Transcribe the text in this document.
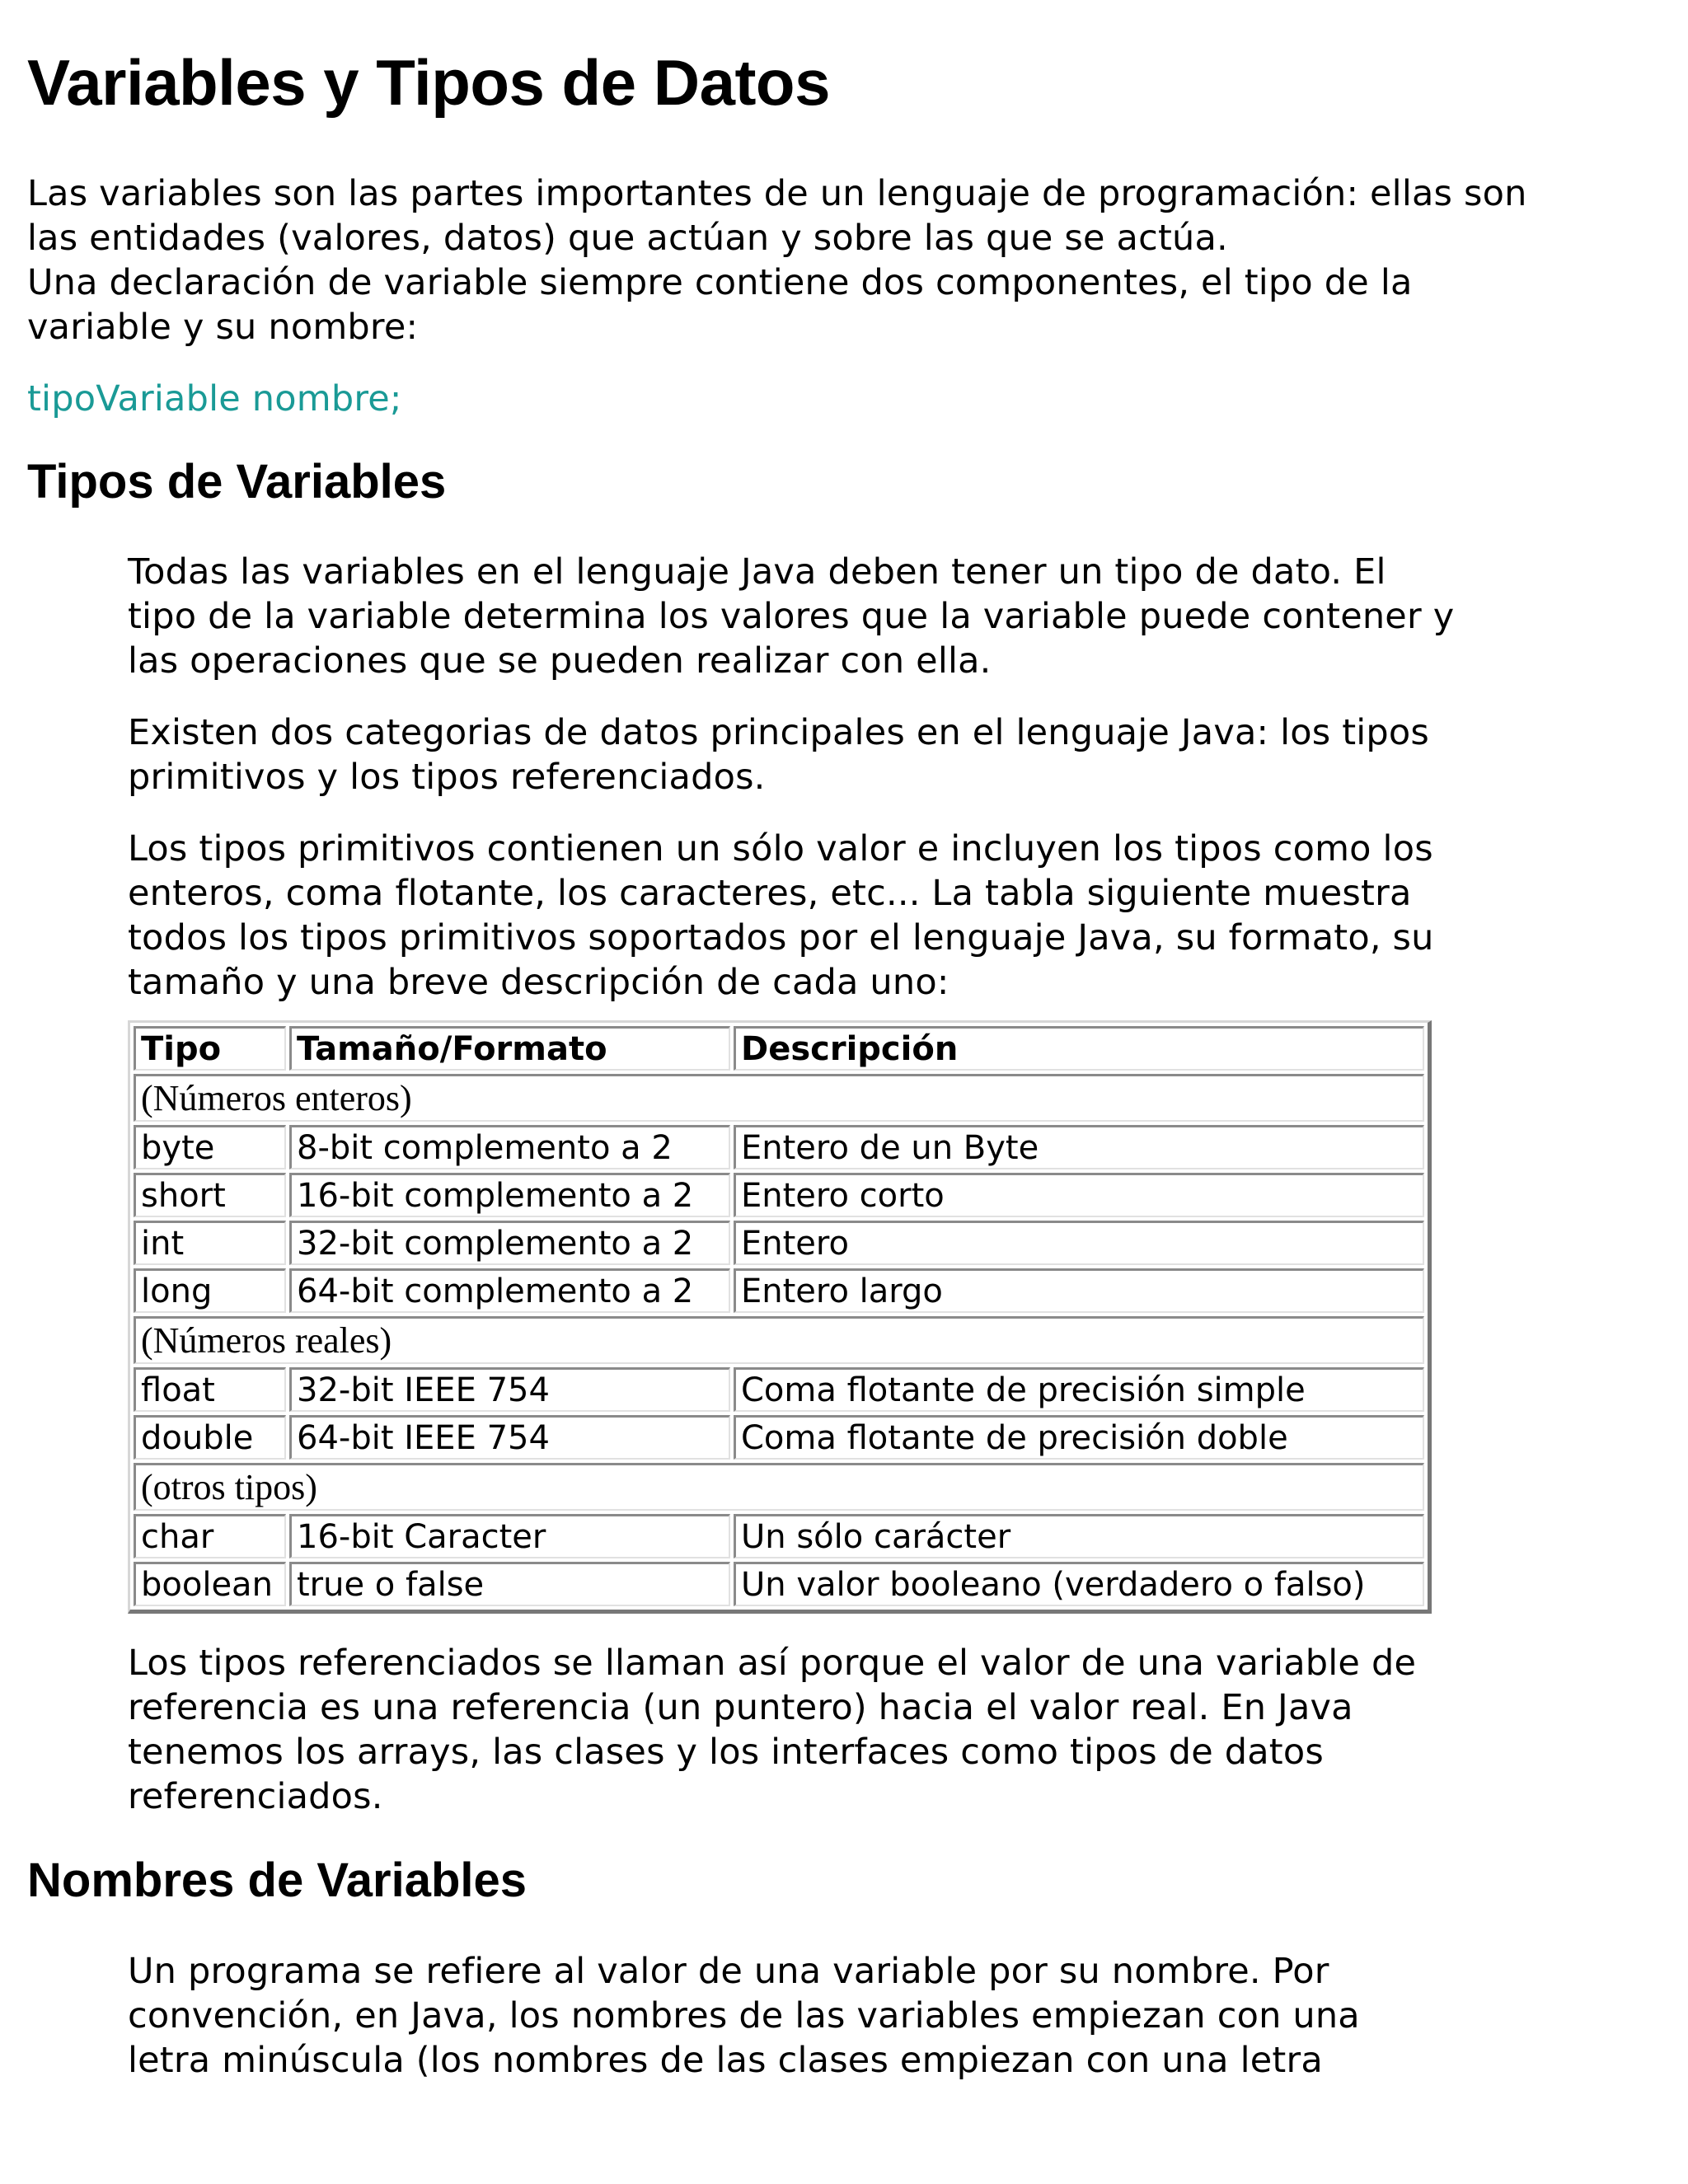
Variables y Tipos de Datos
Las variables son las partes importantes de un lenguaje de programación: ellas son
las entidades (valores, datos) que actúan y sobre las que se actúa.
Una declaración de variable siempre contiene dos componentes, el tipo de la
variable y su nombre:
tipoVariable nombre;
Tipos de Variables
Todas las variables en el lenguaje Java deben tener un tipo de dato. El
tipo de la variable determina los valores que la variable puede contener y
las operaciones que se pueden realizar con ella.
Existen dos categorias de datos principales en el lenguaje Java: los tipos
primitivos y los tipos referenciados.
Los tipos primitivos contienen un sólo valor e incluyen los tipos como los
enteros, coma flotante, los caracteres, etc... La tabla siguiente muestra
todos los tipos primitivos soportados por el lenguaje Java, su formato, su
tamaño y una breve descripción de cada uno:
Tipo	Tamaño/Formato	Descripción
(Números enteros)		
byte	8-bit complemento a 2	Entero de un Byte
short	16-bit complemento a 2	Entero corto
int	32-bit complemento a 2	Entero
long	64-bit complemento a 2	Entero largo
(Números reales)		
float	32-bit IEEE 754	Coma flotante de precisión simple
double	64-bit IEEE 754	Coma flotante de precisión doble
(otros tipos)		
char	16-bit Caracter	Un sólo carácter
boolean	true o false	Un valor booleano (verdadero o falso)
Los tipos referenciados se llaman así porque el valor de una variable de
referencia es una referencia (un puntero) hacia el valor real. En Java
tenemos los arrays, las clases y los interfaces como tipos de datos
referenciados.
Nombres de Variables
Un programa se refiere al valor de una variable por su nombre. Por
convención, en Java, los nombres de las variables empiezan con una
letra minúscula (los nombres de las clases empiezan con una letra
